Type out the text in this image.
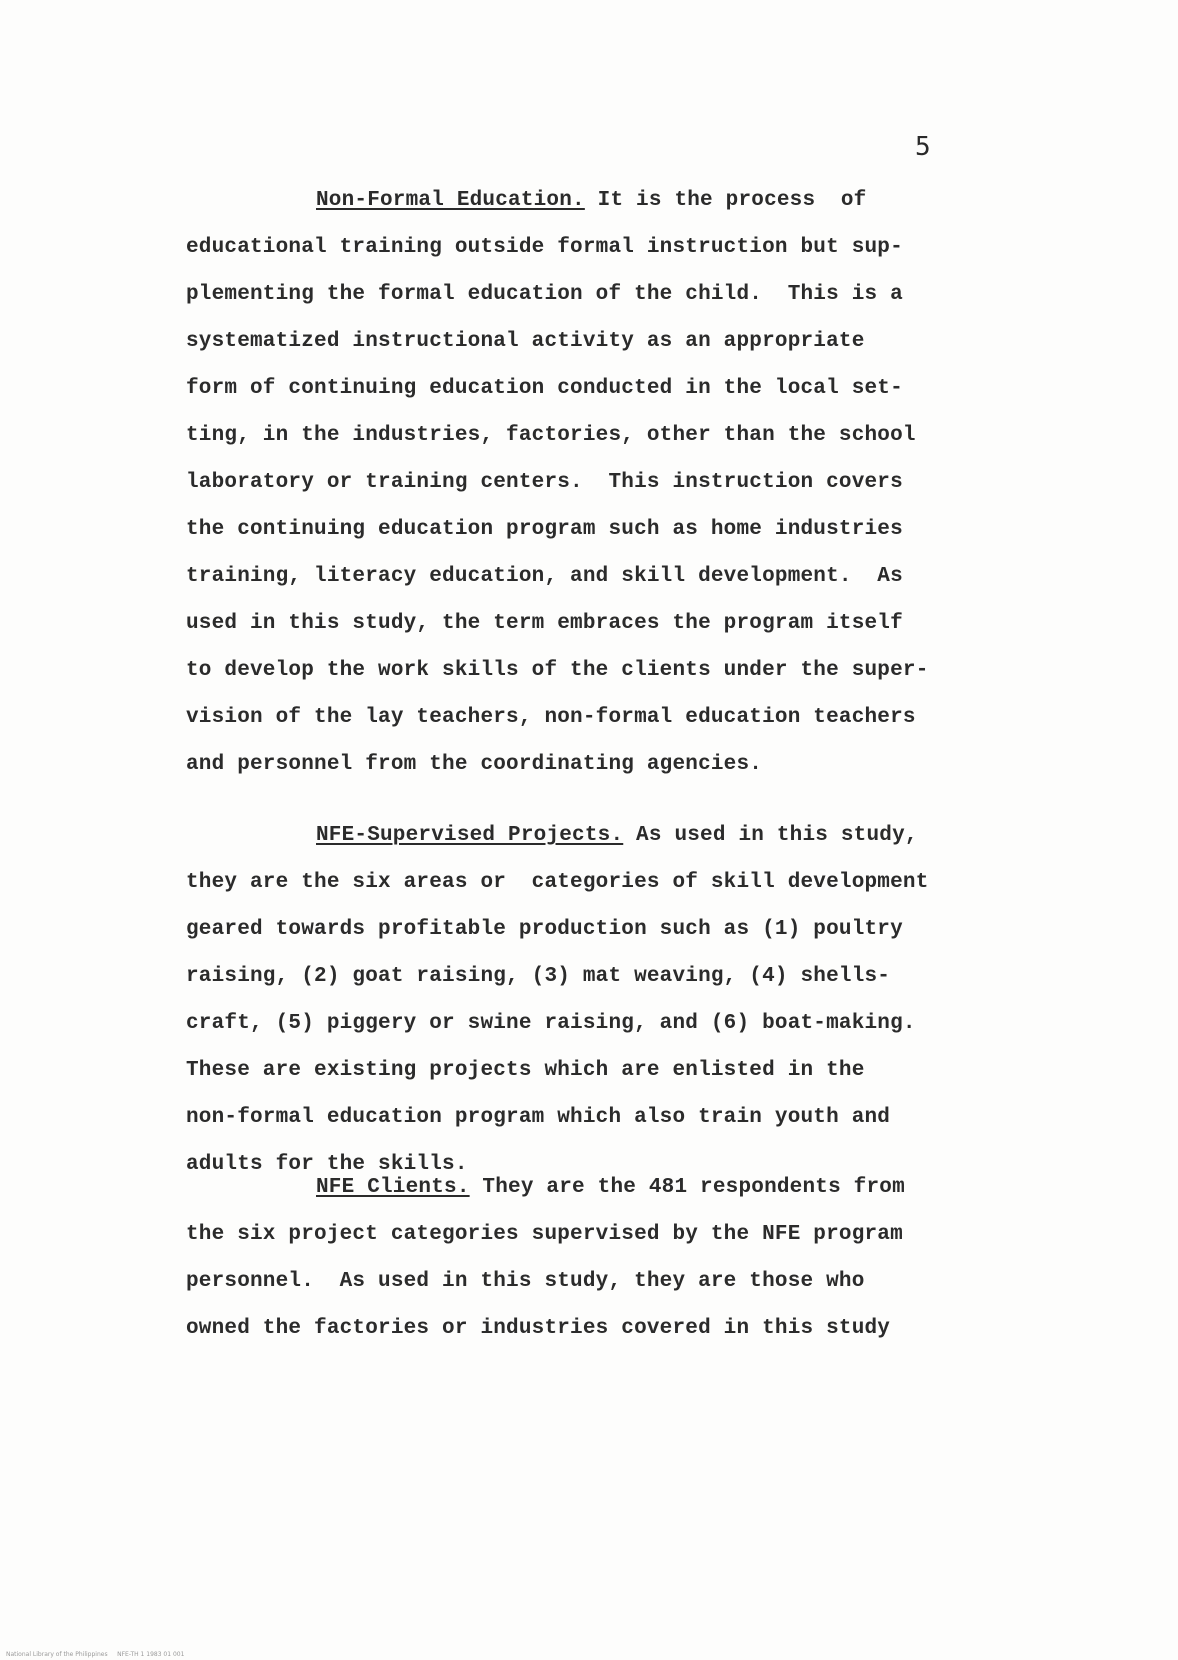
5
Non-Formal Education. It is the process  of
educational training outside formal instruction but sup-
plementing the formal education of the child.  This is a
systematized instructional activity as an appropriate
form of continuing education conducted in the local set-
ting, in the industries, factories, other than the school
laboratory or training centers.  This instruction covers
the continuing education program such as home industries
training, literacy education, and skill development.  As
used in this study, the term embraces the program itself
to develop the work skills of the clients under the super-
vision of the lay teachers, non-formal education teachers
and personnel from the coordinating agencies.
NFE-Supervised Projects. As used in this study,
they are the six areas or  categories of skill development
geared towards profitable production such as (1) poultry
raising, (2) goat raising, (3) mat weaving, (4) shells-
craft, (5) piggery or swine raising, and (6) boat-making.
These are existing projects which are enlisted in the
non-formal education program which also train youth and
adults for the skills.
NFE Clients. They are the 481 respondents from
the six project categories supervised by the NFE program
personnel.  As used in this study, they are those who
owned the factories or industries covered in this study
National Library of the Philippines     NFE-TH 1 1983 01 001
